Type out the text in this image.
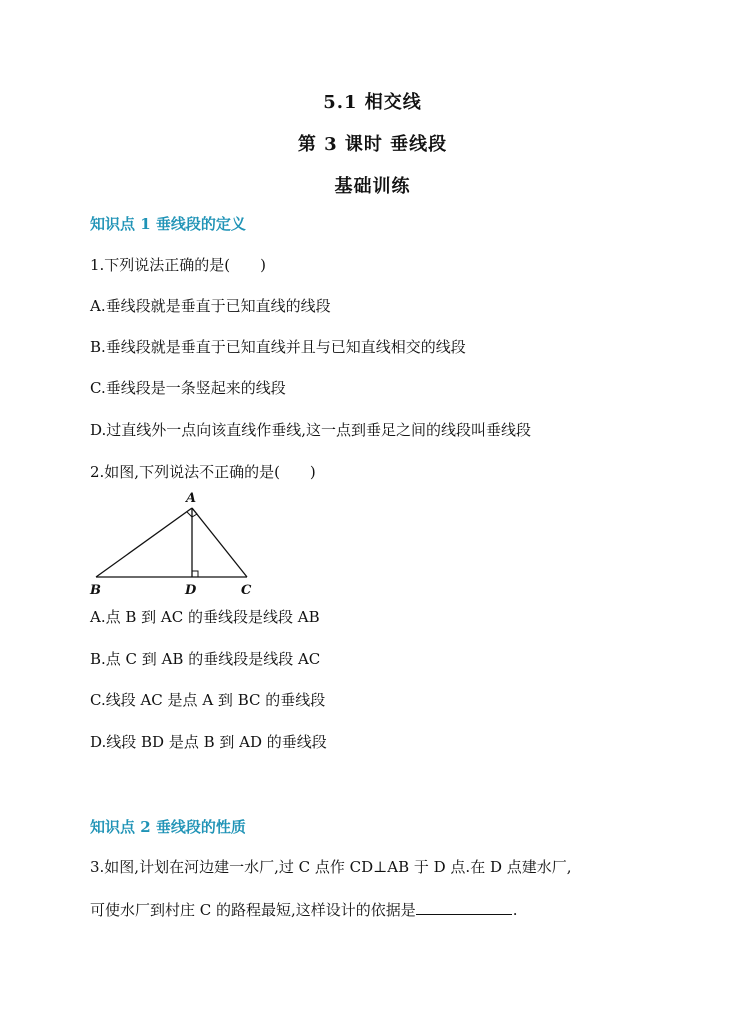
5.1 相交线
第 3 课时 垂线段
基础训练
知识点 1 垂线段的定义
1.下列说法正确的是(　　)
A.垂线段就是垂直于已知直线的线段
B.垂线段就是垂直于已知直线并且与已知直线相交的线段
C.垂线段是一条竖起来的线段
D.过直线外一点向该直线作垂线,这一点到垂足之间的线段叫垂线段
2.如图,下列说法不正确的是(　　)
A
B	D	C
A.点 B 到 AC 的垂线段是线段 AB
B.点 C 到 AB 的垂线段是线段 AC
C.线段 AC 是点 A 到 BC 的垂线段
D.线段 BD 是点 B 到 AD 的垂线段
知识点 2 垂线段的性质
3.如图,计划在河边建一水厂,过 C 点作 CD⊥AB 于 D 点.在 D 点建水厂,
可使水厂到村庄 C 的路程最短,这样设计的依据是	.
